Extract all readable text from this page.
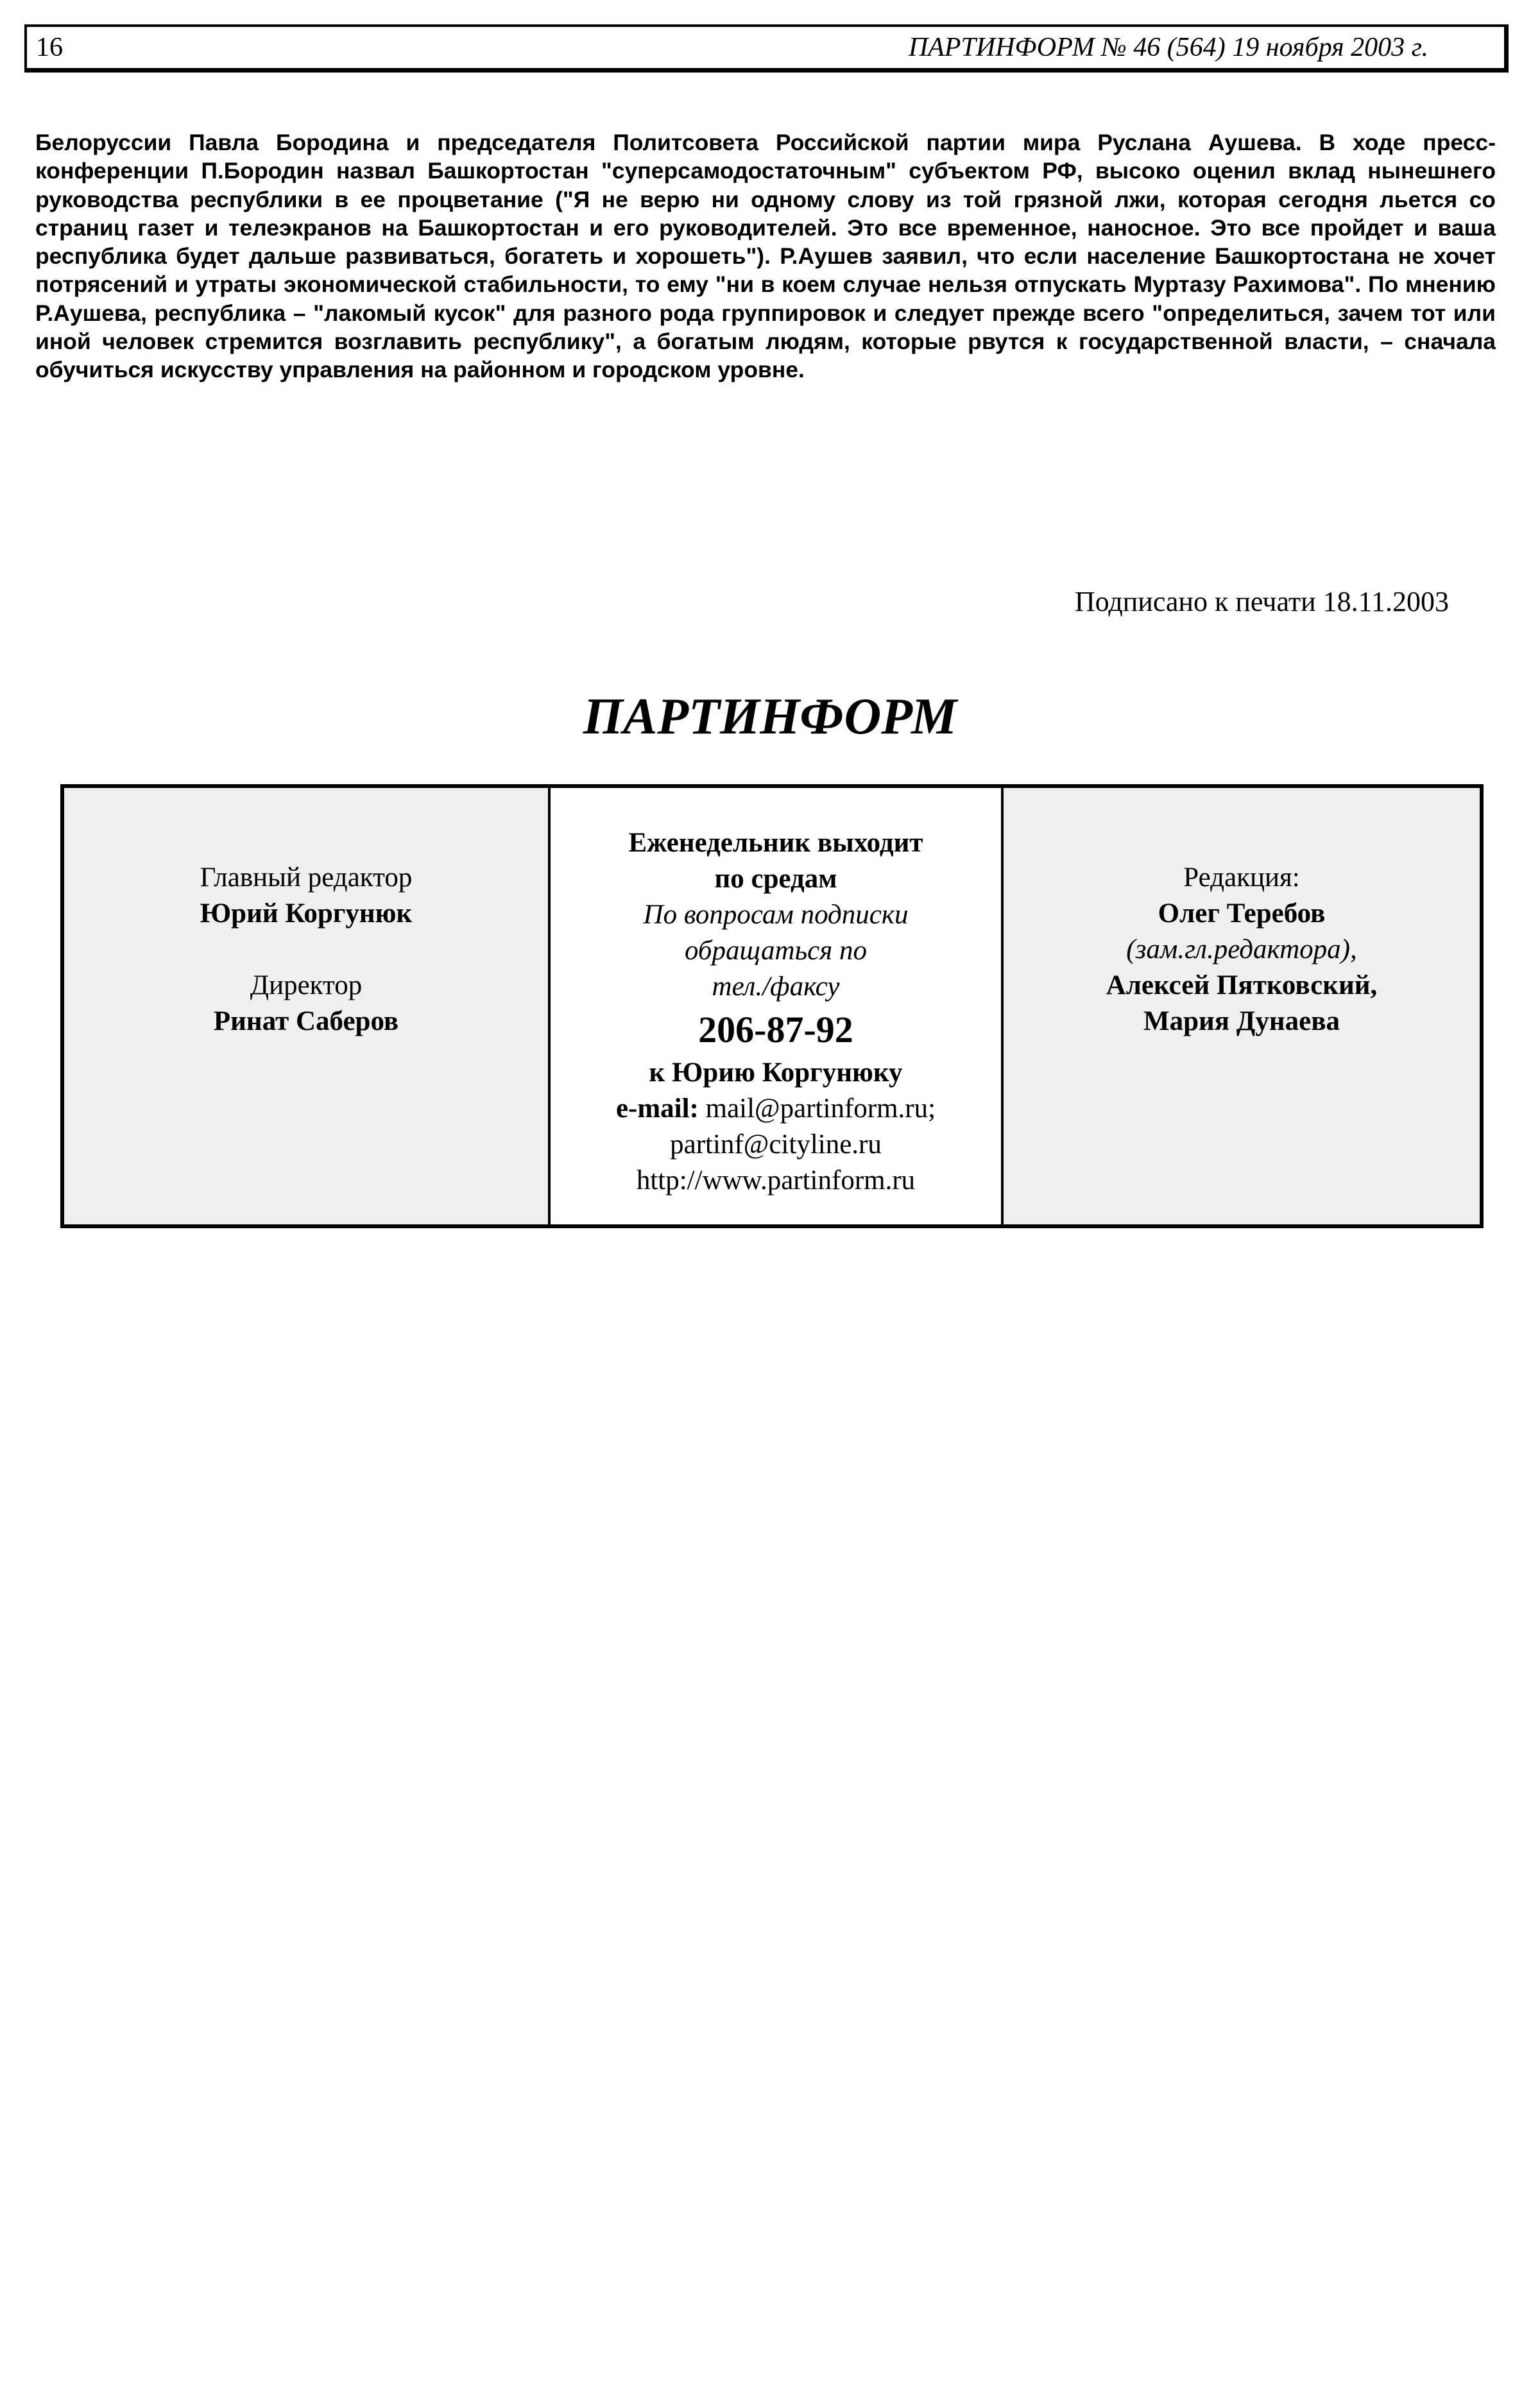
16	ПАРТИНФОРМ № 46 (564) 19 ноября 2003 г.
Белоруссии Павла Бородина и председателя Политсовета Российской партии мира Руслана Аушева. В ходе пресс-конференции П.Бородин назвал Башкортостан "суперсамодостаточным" субъектом РФ, высоко оценил вклад нынешнего руководства республики в ее процветание ("Я не верю ни одному слову из той грязной лжи, которая сегодня льется со страниц газет и телеэкранов на Башкортостан и его руководителей. Это все временное, наносное. Это все пройдет и ваша республика будет дальше развиваться, богатеть и хорошеть"). Р.Аушев заявил, что если население Башкортостана не хочет потрясений и утраты экономической стабильности, то ему "ни в коем случае нельзя отпускать Муртазу Рахимова". По мнению Р.Аушева, республика – "лакомый кусок" для разного рода группировок и следует прежде всего "определиться, зачем тот или иной человек стремится возглавить республику", а богатым людям, которые рвутся к государственной власти, – сначала обучиться искусству управления на районном и городском уровне.
Подписано к печати 18.11.2003
ПАРТИНФОРМ
Главный редактор
Юрий Коргунюк
Директор
Ринат Саберов
Еженедельник выходит
по средам
По вопросам подписки
обращаться по
тел./факсу
206-87-92
к Юрию Коргунюку
e-mail: mail@partinform.ru;
partinf@cityline.ru
http://www.partinform.ru
Редакция:
Олег Теребов
(зам.гл.редактора),
Алексей Пятковский,
Мария Дунаева
